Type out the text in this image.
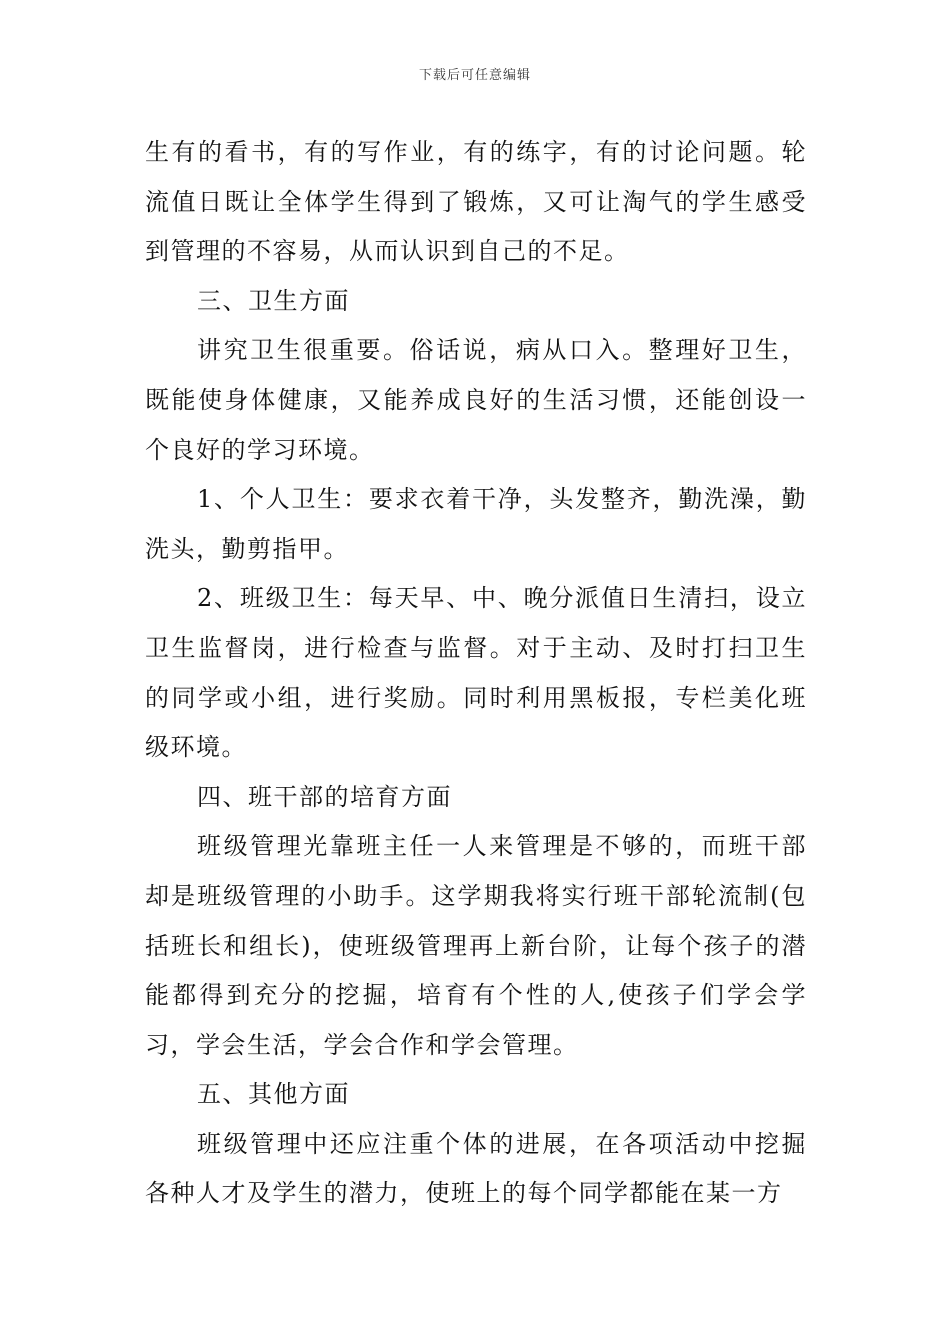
下载后可任意编辑

生有的看书，有的写作业，有的练字，有的讨论问题。轮流值日既让全体学生得到了锻炼，又可让淘气的学生感受到管理的不容易，从而认识到自己的不足。

三、卫生方面

讲究卫生很重要。俗话说，病从口入。整理好卫生，既能使身体健康，又能养成良好的生活习惯，还能创设一个良好的学习环境。

1、个人卫生：要求衣着干净，头发整齐，勤洗澡，勤洗头，勤剪指甲。

2、班级卫生：每天早、中、晚分派值日生清扫，设立卫生监督岗，进行检查与监督。对于主动、及时打扫卫生的同学或小组，进行奖励。同时利用黑板报，专栏美化班级环境。

四、班干部的培育方面

班级管理光靠班主任一人来管理是不够的，而班干部却是班级管理的小助手。这学期我将实行班干部轮流制(包括班长和组长)，使班级管理再上新台阶，让每个孩子的潜能都得到充分的挖掘，培育有个性的人,使孩子们学会学习，学会生活，学会合作和学会管理。

五、其他方面

班级管理中还应注重个体的进展，在各项活动中挖掘各种人才及学生的潜力，使班上的每个同学都能在某一方
